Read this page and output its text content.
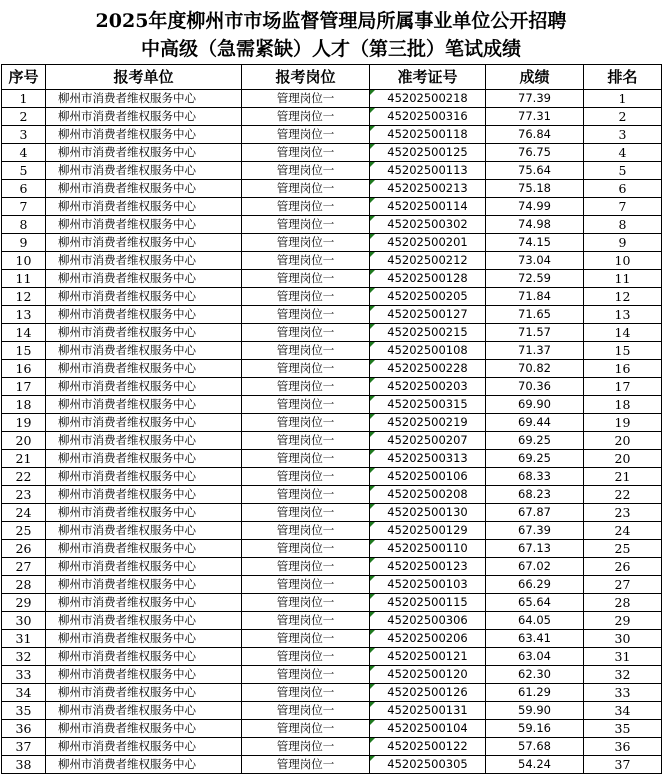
2025年度柳州市市场监督管理局所属事业单位公开招聘
中高级（急需紧缺）人才（第三批）笔试成绩
序号	报考单位	报考岗位	准考证号	成绩	排名
1	柳州市消费者维权服务中心	管理岗位一	45202500218	77.39	1
2	柳州市消费者维权服务中心	管理岗位一	45202500316	77.31	2
3	柳州市消费者维权服务中心	管理岗位一	45202500118	76.84	3
4	柳州市消费者维权服务中心	管理岗位一	45202500125	76.75	4
5	柳州市消费者维权服务中心	管理岗位一	45202500113	75.64	5
6	柳州市消费者维权服务中心	管理岗位一	45202500213	75.18	6
7	柳州市消费者维权服务中心	管理岗位一	45202500114	74.99	7
8	柳州市消费者维权服务中心	管理岗位一	45202500302	74.98	8
9	柳州市消费者维权服务中心	管理岗位一	45202500201	74.15	9
10	柳州市消费者维权服务中心	管理岗位一	45202500212	73.04	10
11	柳州市消费者维权服务中心	管理岗位一	45202500128	72.59	11
12	柳州市消费者维权服务中心	管理岗位一	45202500205	71.84	12
13	柳州市消费者维权服务中心	管理岗位一	45202500127	71.65	13
14	柳州市消费者维权服务中心	管理岗位一	45202500215	71.57	14
15	柳州市消费者维权服务中心	管理岗位一	45202500108	71.37	15
16	柳州市消费者维权服务中心	管理岗位一	45202500228	70.82	16
17	柳州市消费者维权服务中心	管理岗位一	45202500203	70.36	17
18	柳州市消费者维权服务中心	管理岗位一	45202500315	69.90	18
19	柳州市消费者维权服务中心	管理岗位一	45202500219	69.44	19
20	柳州市消费者维权服务中心	管理岗位一	45202500207	69.25	20
21	柳州市消费者维权服务中心	管理岗位一	45202500313	69.25	20
22	柳州市消费者维权服务中心	管理岗位一	45202500106	68.33	21
23	柳州市消费者维权服务中心	管理岗位一	45202500208	68.23	22
24	柳州市消费者维权服务中心	管理岗位一	45202500130	67.87	23
25	柳州市消费者维权服务中心	管理岗位一	45202500129	67.39	24
26	柳州市消费者维权服务中心	管理岗位一	45202500110	67.13	25
27	柳州市消费者维权服务中心	管理岗位一	45202500123	67.02	26
28	柳州市消费者维权服务中心	管理岗位一	45202500103	66.29	27
29	柳州市消费者维权服务中心	管理岗位一	45202500115	65.64	28
30	柳州市消费者维权服务中心	管理岗位一	45202500306	64.05	29
31	柳州市消费者维权服务中心	管理岗位一	45202500206	63.41	30
32	柳州市消费者维权服务中心	管理岗位一	45202500121	63.04	31
33	柳州市消费者维权服务中心	管理岗位一	45202500120	62.30	32
34	柳州市消费者维权服务中心	管理岗位一	45202500126	61.29	33
35	柳州市消费者维权服务中心	管理岗位一	45202500131	59.90	34
36	柳州市消费者维权服务中心	管理岗位一	45202500104	59.16	35
37	柳州市消费者维权服务中心	管理岗位一	45202500122	57.68	36
38	柳州市消费者维权服务中心	管理岗位一	45202500305	54.24	37
